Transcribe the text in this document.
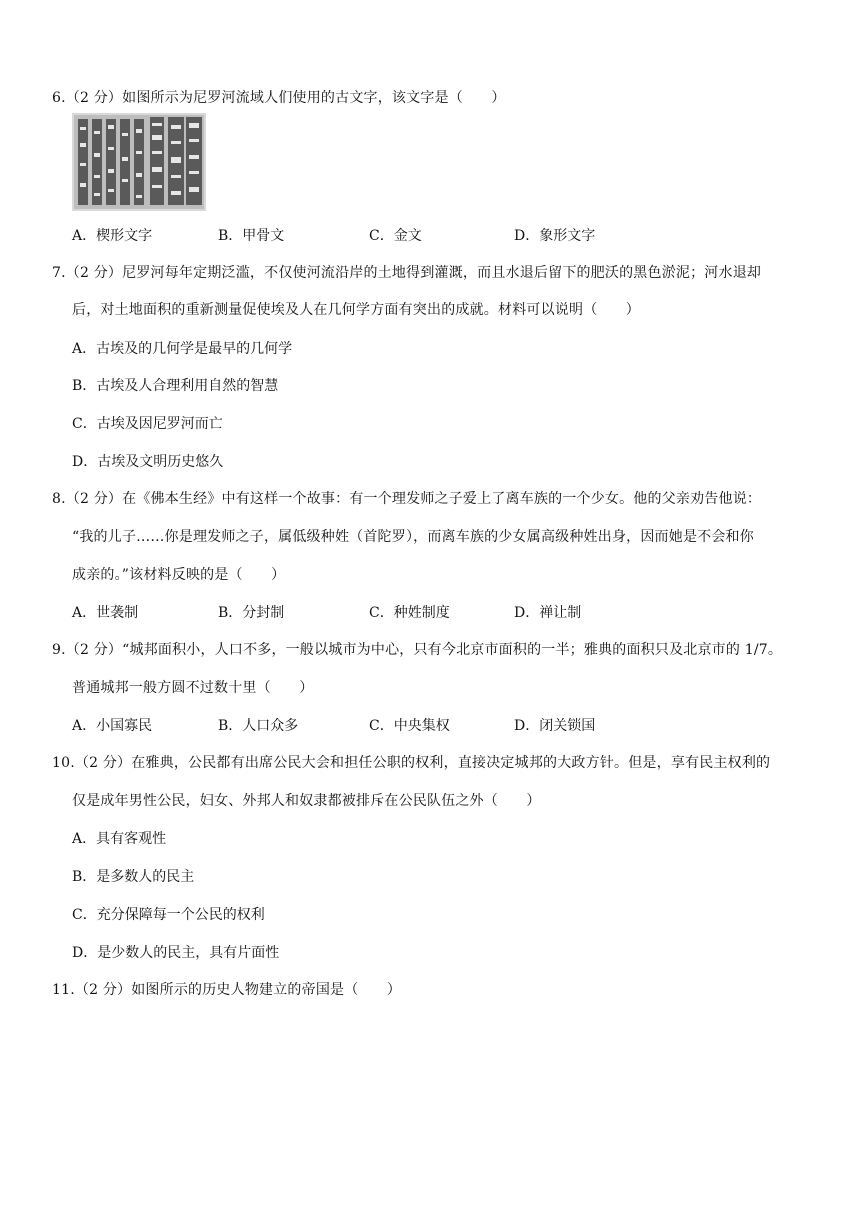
6.（2 分）如图所示为尼罗河流域人们使用的古文字，该文字是（　　）
A．楔形文字	B．甲骨文	C．金文	D．象形文字
7.（2 分）尼罗河每年定期泛滥，不仅使河流沿岸的土地得到灌溉，而且水退后留下的肥沃的黑色淤泥；河水退却
后，对土地面积的重新测量促使埃及人在几何学方面有突出的成就。材料可以说明（　　）
A．古埃及的几何学是最早的几何学
B．古埃及人合理利用自然的智慧
C．古埃及因尼罗河而亡
D．古埃及文明历史悠久
8.（2 分）在《佛本生经》中有这样一个故事：有一个理发师之子爱上了离车族的一个少女。他的父亲劝告他说：
“我的儿子……你是理发师之子，属低级种姓（首陀罗），而离车族的少女属高级种姓出身，因而她是不会和你
成亲的。”该材料反映的是（　　）
A．世袭制	B．分封制	C．种姓制度	D．禅让制
9.（2 分）“城邦面积小，人口不多，一般以城市为中心，只有今北京市面积的一半；雅典的面积只及北京市的 1/7。
普通城邦一般方圆不过数十里（　　）
A．小国寡民	B．人口众多	C．中央集权	D．闭关锁国
10.（2 分）在雅典，公民都有出席公民大会和担任公职的权利，直接决定城邦的大政方针。但是，享有民主权利的
仅是成年男性公民，妇女、外邦人和奴隶都被排斥在公民队伍之外（　　）
A．具有客观性
B．是多数人的民主
C．充分保障每一个公民的权利
D．是少数人的民主，具有片面性
11.（2 分）如图所示的历史人物建立的帝国是（　　）
